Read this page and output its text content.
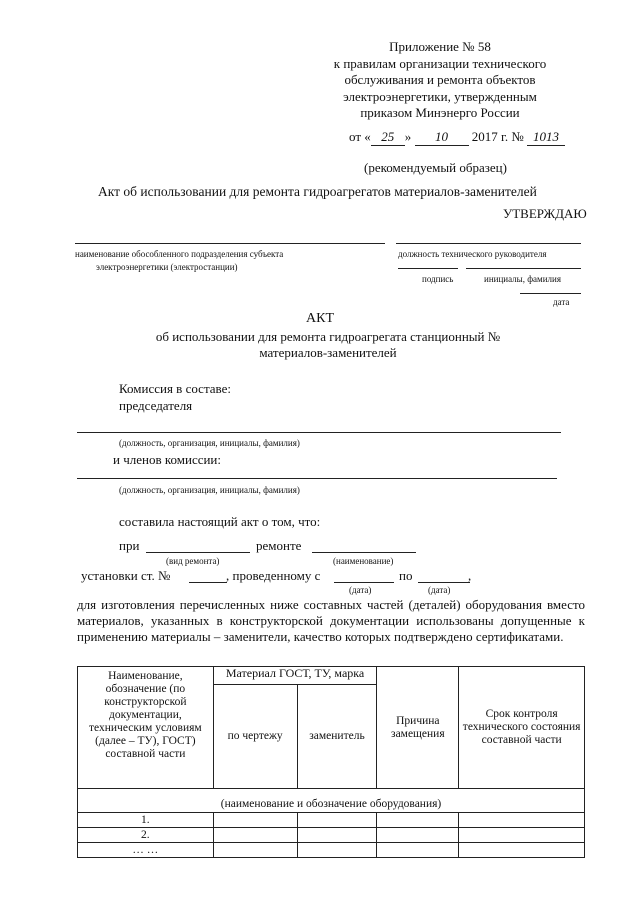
Приложение № 58
к правилам организации технического
обслуживания и ремонта объектов
электроэнергетики, утвержденным
приказом Минэнерго России
от « 25 » 10 2017 г. № 1013
(рекомендуемый образец)
Акт об использовании для ремонта гидроагрегатов материалов-заменителей
УТВЕРЖДАЮ
наименование обособленного подразделения субъекта
электроэнергетики (электростанции)
должность технического руководителя
подпись	инициалы, фамилия
дата
АКТ
об использовании для ремонта гидроагрегата станционный №
материалов-заменителей
Комиссия в составе:
председателя
(должность, организация, инициалы, фамилия)
и членов комиссии:
(должность, организация, инициалы, фамилия)
составила настоящий акт о том, что:
при	ремонте
(вид ремонта)	(наименование)
установки ст. №	, проведенному с	по	,
(дата)	(дата)
для изготовления перечисленных ниже составных частей (деталей) оборудования вместо материалов, указанных в конструкторской документации использованы допущенные к применению материалы – заменители, качество которых подтверждено сертификатами.
Наименование, обозначение (по конструкторской документации, техническим условиям (далее – ТУ), ГОСТ) составной части	Материал ГОСТ, ТУ, марка		Причина замещения	Срок контроля технического состояния составной части
	по чертежу	заменитель		
(наименование и обозначение оборудования)				
1.				
2.				
… …				
